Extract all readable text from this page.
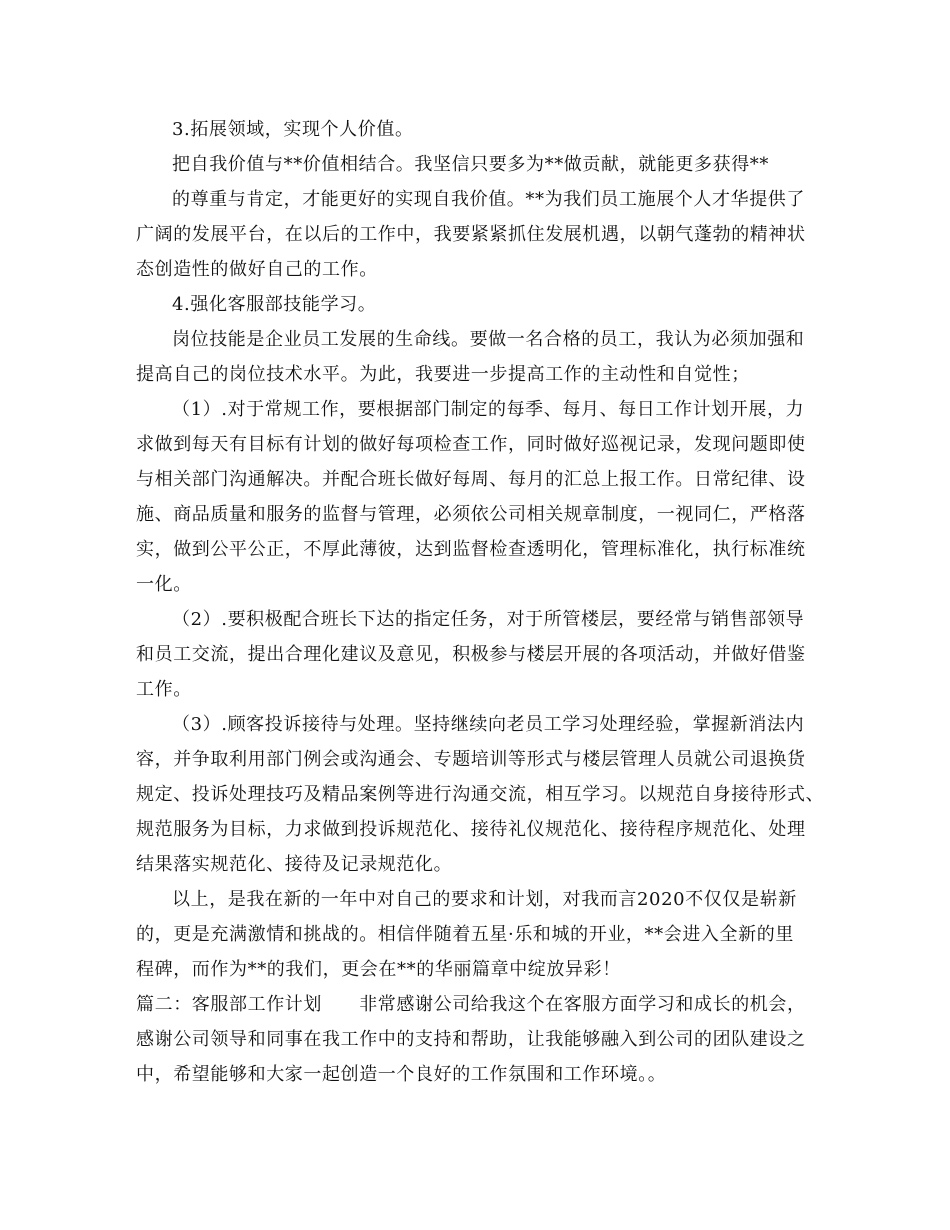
3.拓展领域，实现个人价值。
把自我价值与**价值相结合。我坚信只要多为**做贡献，就能更多获得**
的尊重与肯定，才能更好的实现自我价值。**为我们员工施展个人才华提供了
广阔的发展平台，在以后的工作中，我要紧紧抓住发展机遇，以朝气蓬勃的精神状
态创造性的做好自己的工作。
4.强化客服部技能学习。
岗位技能是企业员工发展的生命线。要做一名合格的员工，我认为必须加强和
提高自己的岗位技术水平。为此，我要进一步提高工作的主动性和自觉性；
（1）.对于常规工作，要根据部门制定的每季、每月、每日工作计划开展，力
求做到每天有目标有计划的做好每项检查工作，同时做好巡视记录，发现问题即使
与相关部门沟通解决。并配合班长做好每周、每月的汇总上报工作。日常纪律、设
施、商品质量和服务的监督与管理，必须依公司相关规章制度，一视同仁，严格落
实，做到公平公正，不厚此薄彼，达到监督检查透明化，管理标准化，执行标准统
一化。
（2）.要积极配合班长下达的指定任务，对于所管楼层，要经常与销售部领导
和员工交流，提出合理化建议及意见，积极参与楼层开展的各项活动，并做好借鉴
工作。
（3）.顾客投诉接待与处理。坚持继续向老员工学习处理经验，掌握新消法内
容，并争取利用部门例会或沟通会、专题培训等形式与楼层管理人员就公司退换货
规定、投诉处理技巧及精品案例等进行沟通交流，相互学习。以规范自身接待形式、
规范服务为目标，力求做到投诉规范化、接待礼仪规范化、接待程序规范化、处理
结果落实规范化、接待及记录规范化。
以上，是我在新的一年中对自己的要求和计划，对我而言2020不仅仅是崭新
的，更是充满激情和挑战的。相信伴随着五星·乐和城的开业，**会进入全新的里
程碑，而作为**的我们，更会在**的华丽篇章中绽放异彩！
篇二：客服部工作计划　　非常感谢公司给我这个在客服方面学习和成长的机会，
感谢公司领导和同事在我工作中的支持和帮助，让我能够融入到公司的团队建设之
中，希望能够和大家一起创造一个良好的工作氛围和工作环境。。
